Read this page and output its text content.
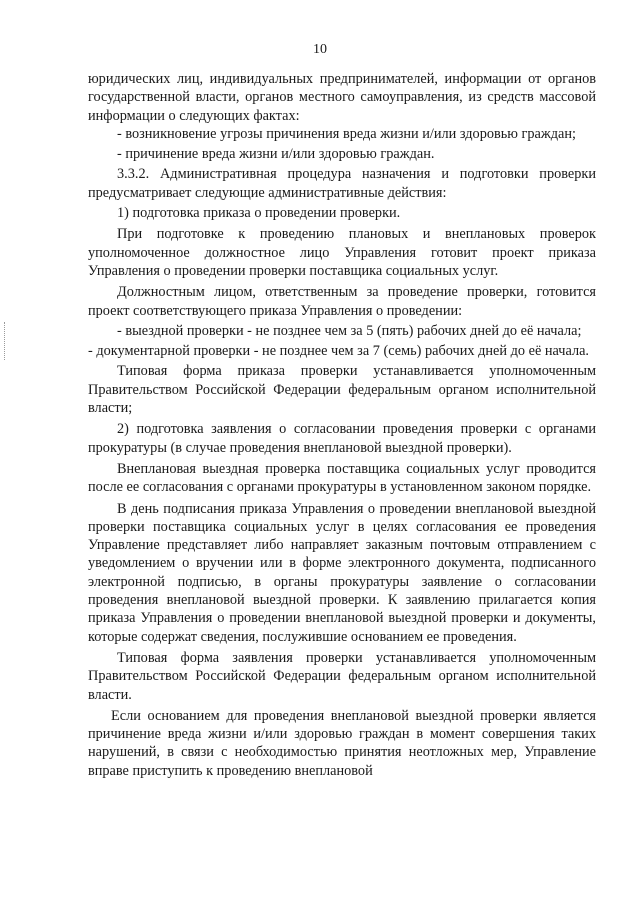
10

юридических лиц, индивидуальных предпринимателей, информации от органов государственной власти, органов местного самоуправления, из средств массовой информации о следующих фактах:

- возникновение угрозы причинения вреда жизни и/или здоровью граждан;

- причинение вреда жизни и/или здоровью граждан.

3.3.2. Административная процедура назначения и подготовки проверки предусматривает следующие административные действия:

1) подготовка приказа о проведении проверки.

При подготовке к проведению плановых и внеплановых проверок уполномоченное должностное лицо Управления готовит проект приказа Управления о проведении проверки поставщика социальных услуг.

Должностным лицом, ответственным за проведение проверки, готовится проект соответствующего приказа Управления о проведении:

- выездной проверки - не позднее чем за 5 (пять) рабочих дней до её начала;

- документарной проверки - не позднее чем за 7 (семь) рабочих дней до её начала.

Типовая форма приказа проверки устанавливается уполномоченным Правительством Российской Федерации федеральным органом исполнительной власти;

2) подготовка заявления о согласовании проведения проверки с органами прокуратуры (в случае проведения внеплановой выездной проверки).

Внеплановая выездная проверка поставщика социальных услуг проводится после ее согласования с органами прокуратуры в установленном законом порядке.

В день подписания приказа Управления о проведении внеплановой выездной проверки поставщика социальных услуг в целях согласования ее проведения Управление представляет либо направляет заказным почтовым отправлением с уведомлением о вручении или в форме электронного документа, подписанного электронной подписью, в органы прокуратуры заявление о согласовании проведения внеплановой выездной проверки. К заявлению прилагается копия приказа Управления о проведении внеплановой выездной проверки и документы, которые содержат сведения, послужившие основанием ее проведения.

Типовая форма заявления проверки устанавливается уполномоченным Правительством Российской Федерации федеральным органом исполнительной власти.

Если основанием для проведения внеплановой выездной проверки является причинение вреда жизни и/или здоровью граждан в момент совершения таких нарушений, в связи с необходимостью принятия неотложных мер, Управление вправе приступить к проведению внеплановой
